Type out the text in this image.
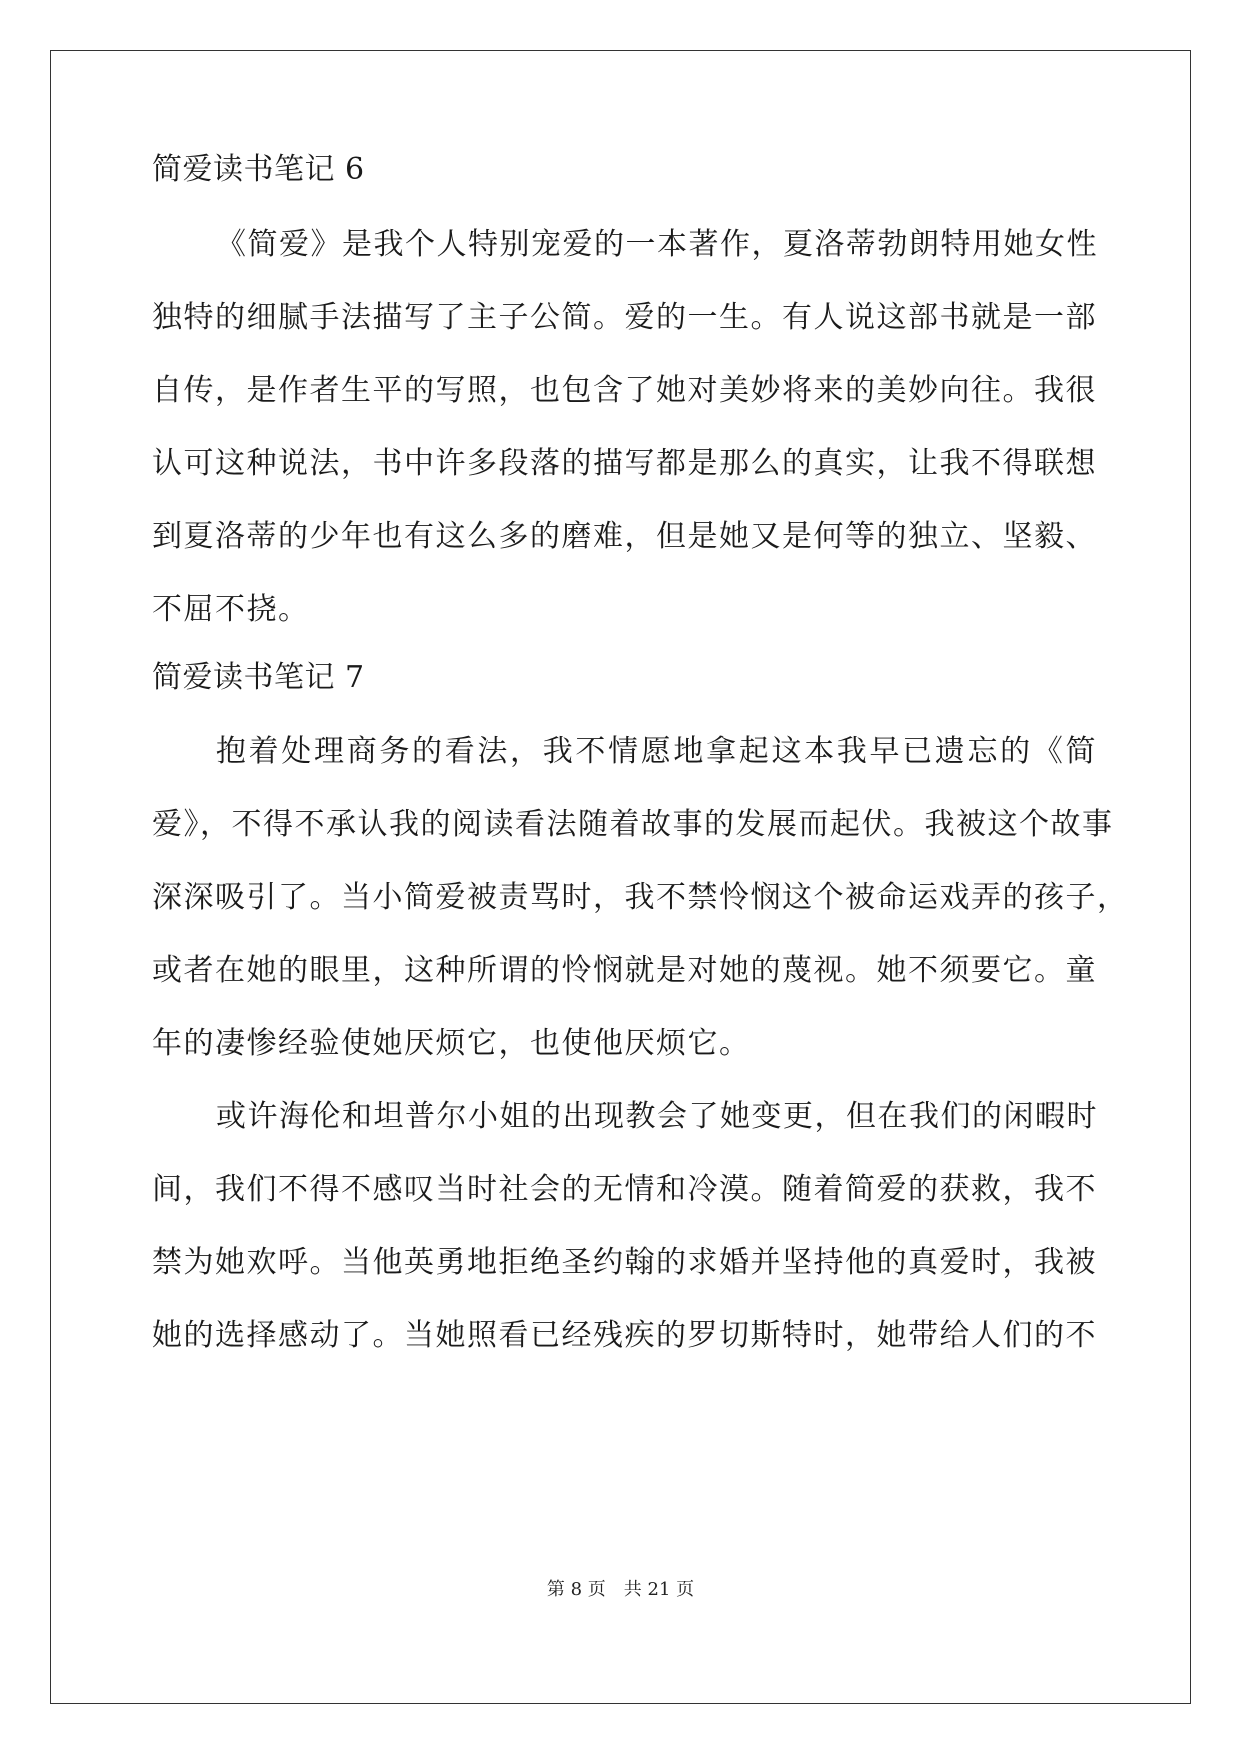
简爱读书笔记 6
《简爱》是我个人特别宠爱的一本著作，夏洛蒂勃朗特用她女性
独特的细腻手法描写了主子公简。爱的一生。有人说这部书就是一部
自传，是作者生平的写照，也包含了她对美妙将来的美妙向往。我很
认可这种说法，书中许多段落的描写都是那么的真实，让我不得联想
到夏洛蒂的少年也有这么多的磨难，但是她又是何等的独立、坚毅、
不屈不挠。
简爱读书笔记 7
抱着处理商务的看法，我不情愿地拿起这本我早已遗忘的《简
爱》，不得不承认我的阅读看法随着故事的发展而起伏。我被这个故事
深深吸引了。当小简爱被责骂时，我不禁怜悯这个被命运戏弄的孩子，
或者在她的眼里，这种所谓的怜悯就是对她的蔑视。她不须要它。童
年的凄惨经验使她厌烦它，也使他厌烦它。
或许海伦和坦普尔小姐的出现教会了她变更，但在我们的闲暇时
间，我们不得不感叹当时社会的无情和冷漠。随着简爱的获救，我不
禁为她欢呼。当他英勇地拒绝圣约翰的求婚并坚持他的真爱时，我被
她的选择感动了。当她照看已经残疾的罗切斯特时，她带给人们的不
第 8 页 共 21 页
